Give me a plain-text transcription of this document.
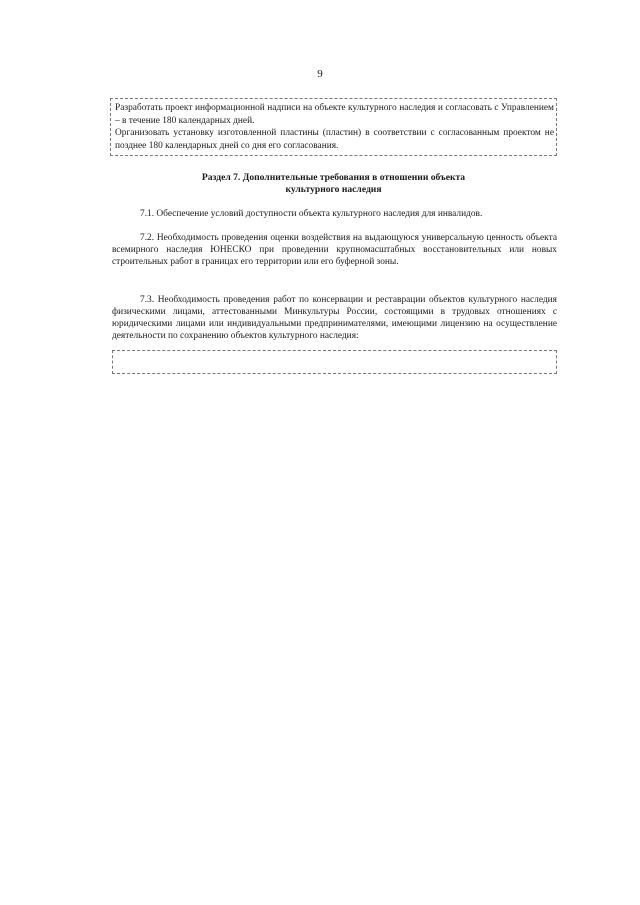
9

Разработать проект информационной надписи на объекте культурного наследия и согласовать с Управлением – в течение 180 календарных дней.

Организовать установку изготовленной пластины (пластин) в соответствии с согласованным проектом не позднее 180 календарных дней со дня его согласования.

Раздел 7. Дополнительные требования в отношении объекта
культурного наследия

7.1. Обеспечение условий доступности объекта культурного наследия для инвалидов.

7.2. Необходимость проведения оценки воздействия на выдающуюся универсальную ценность объекта всемирного наследия ЮНЕСКО при проведении крупномасштабных восстановительных или новых строительных работ в границах его территории или его буферной зоны.

7.3. Необходимость проведения работ по консервации и реставрации объектов культурного наследия физическими лицами, аттестованными Минкультуры России, состоящими в трудовых отношениях с юридическими лицами или индивидуальными предпринимателями, имеющими лицензию на осуществление деятельности по сохранению объектов культурного наследия:
